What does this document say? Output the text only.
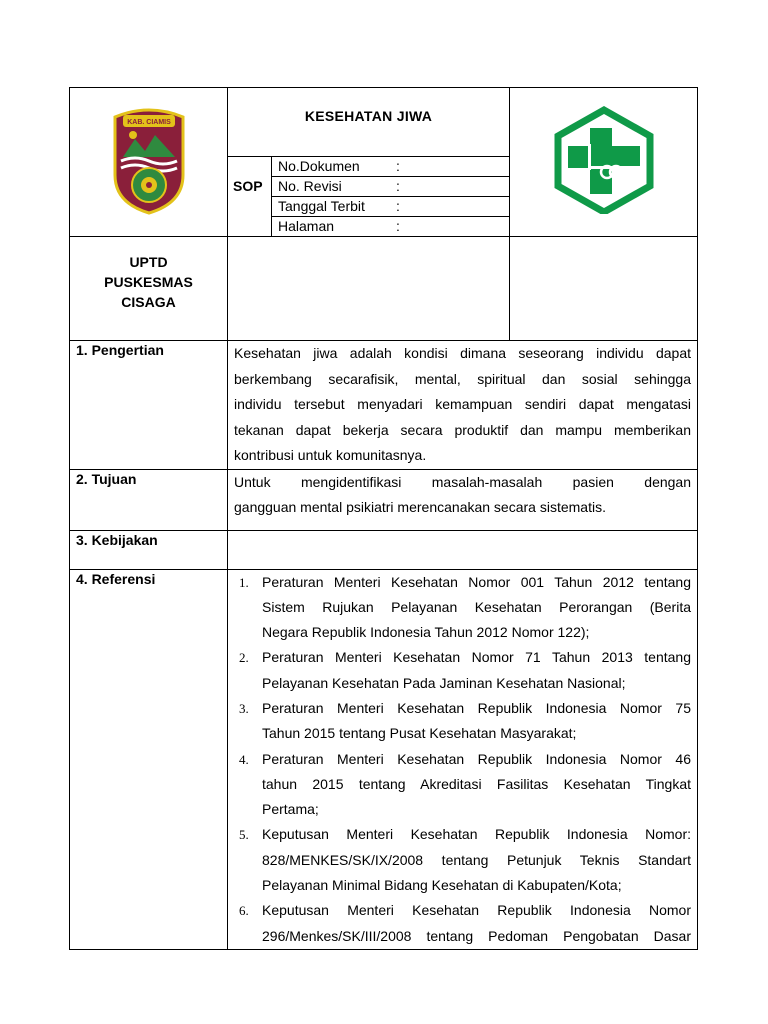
KAB. CIAMIS	KESEHATAN JIWA
SOP	No.Dokumen	:
No. Revisi	:
Tanggal Terbit	:
Halaman	:

UPTD
PUSKESMAS
CISAGA

1. Pengertian	Kesehatan jiwa adalah kondisi dimana seseorang individu dapat
berkembang secarafisik, mental, spiritual dan sosial sehingga
individu tersebut menyadari kemampuan sendiri dapat mengatasi
tekanan dapat bekerja secara produktif dan mampu memberikan
kontribusi untuk komunitasnya.

2. Tujuan	Untuk mengidentifikasi masalah-masalah pasien dengan
gangguan mental psikiatri merencanakan secara sistematis.

3. Kebijakan

4. Referensi	1. Peraturan Menteri Kesehatan Nomor 001 Tahun 2012 tentang
Sistem Rujukan Pelayanan Kesehatan Perorangan (Berita
Negara Republik Indonesia Tahun 2012 Nomor 122);
2. Peraturan Menteri Kesehatan Nomor 71 Tahun 2013 tentang
Pelayanan Kesehatan Pada Jaminan Kesehatan Nasional;
3. Peraturan Menteri Kesehatan Republik Indonesia Nomor 75
Tahun 2015 tentang Pusat Kesehatan Masyarakat;
4. Peraturan Menteri Kesehatan Republik Indonesia Nomor 46
tahun 2015 tentang Akreditasi Fasilitas Kesehatan Tingkat
Pertama;
5. Keputusan Menteri Kesehatan Republik Indonesia Nomor:
828/MENKES/SK/IX/2008 tentang Petunjuk Teknis Standart
Pelayanan Minimal Bidang Kesehatan di Kabupaten/Kota;
6. Keputusan Menteri Kesehatan Republik Indonesia Nomor
296/Menkes/SK/III/2008 tentang Pedoman Pengobatan Dasar
